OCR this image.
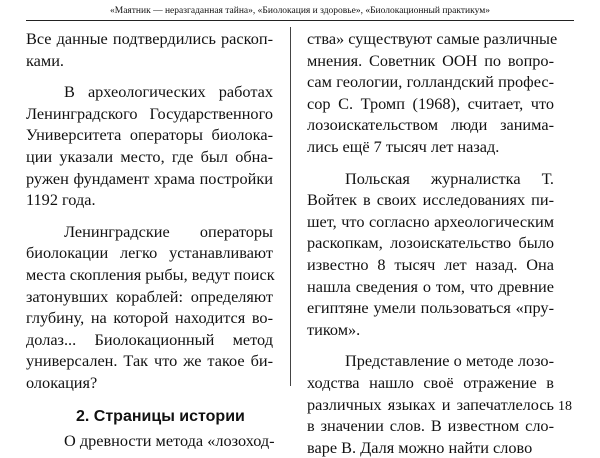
«Маятник — неразгаданная тайна», «Биолокация и здоровье», «Биолокационный практикум»

Все данные подтвердились раскоп-
ками.

В археологических работах
Ленинградского Государственного
Университета операторы биолока-
ции указали место, где был обна-
ружен фундамент храма постройки
1192 года.

Ленинградские операторы
биолокации легко устанавливают
места скопления рыбы, ведут поиск
затонувших кораблей: определяют
глубину, на которой находится во-
долаз... Биолокационный метод
универсален. Так что же такое би-
олокация?

2. Страницы истории

О древности метода «лозоход-

ства» существуют самые различные
мнения. Советник ООН по вопро-
сам геологии, голландский профес-
сор С. Тромп (1968), считает, что
лозоискательством люди занима-
лись ещё 7 тысяч лет назад.

Польская журналистка Т.
Войтек в своих исследованиях пи-
шет, что согласно археологическим
раскопкам, лозоискательство было
известно 8 тысяч лет назад. Она
нашла сведения о том, что древние
египтяне умели пользоваться «пру-
тиком».

Представление о методе лозо-
ходства нашло своё отражение в
различных языках и запечатлелось
в значении слов. В известном сло-
варе В. Даля можно найти слово

18
